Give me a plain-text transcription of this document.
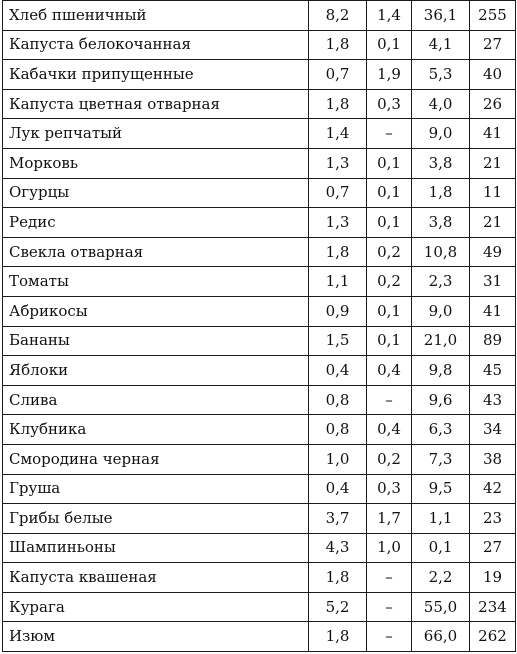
Хлеб пшеничный	8,2	1,4	36,1	255
Капуста белокочанная	1,8	0,1	4,1	27
Кабачки припущенные	0,7	1,9	5,3	40
Капуста цветная отварная	1,8	0,3	4,0	26
Лук репчатый	1,4	–	9,0	41
Морковь	1,3	0,1	3,8	21
Огурцы	0,7	0,1	1,8	11
Редис	1,3	0,1	3,8	21
Свекла отварная	1,8	0,2	10,8	49
Томаты	1,1	0,2	2,3	31
Абрикосы	0,9	0,1	9,0	41
Бананы	1,5	0,1	21,0	89
Яблоки	0,4	0,4	9,8	45
Слива	0,8	–	9,6	43
Клубника	0,8	0,4	6,3	34
Смородина черная	1,0	0,2	7,3	38
Груша	0,4	0,3	9,5	42
Грибы белые	3,7	1,7	1,1	23
Шампиньоны	4,3	1,0	0,1	27
Капуста квашеная	1,8	–	2,2	19
Курага	5,2	–	55,0	234
Изюм	1,8	–	66,0	262
